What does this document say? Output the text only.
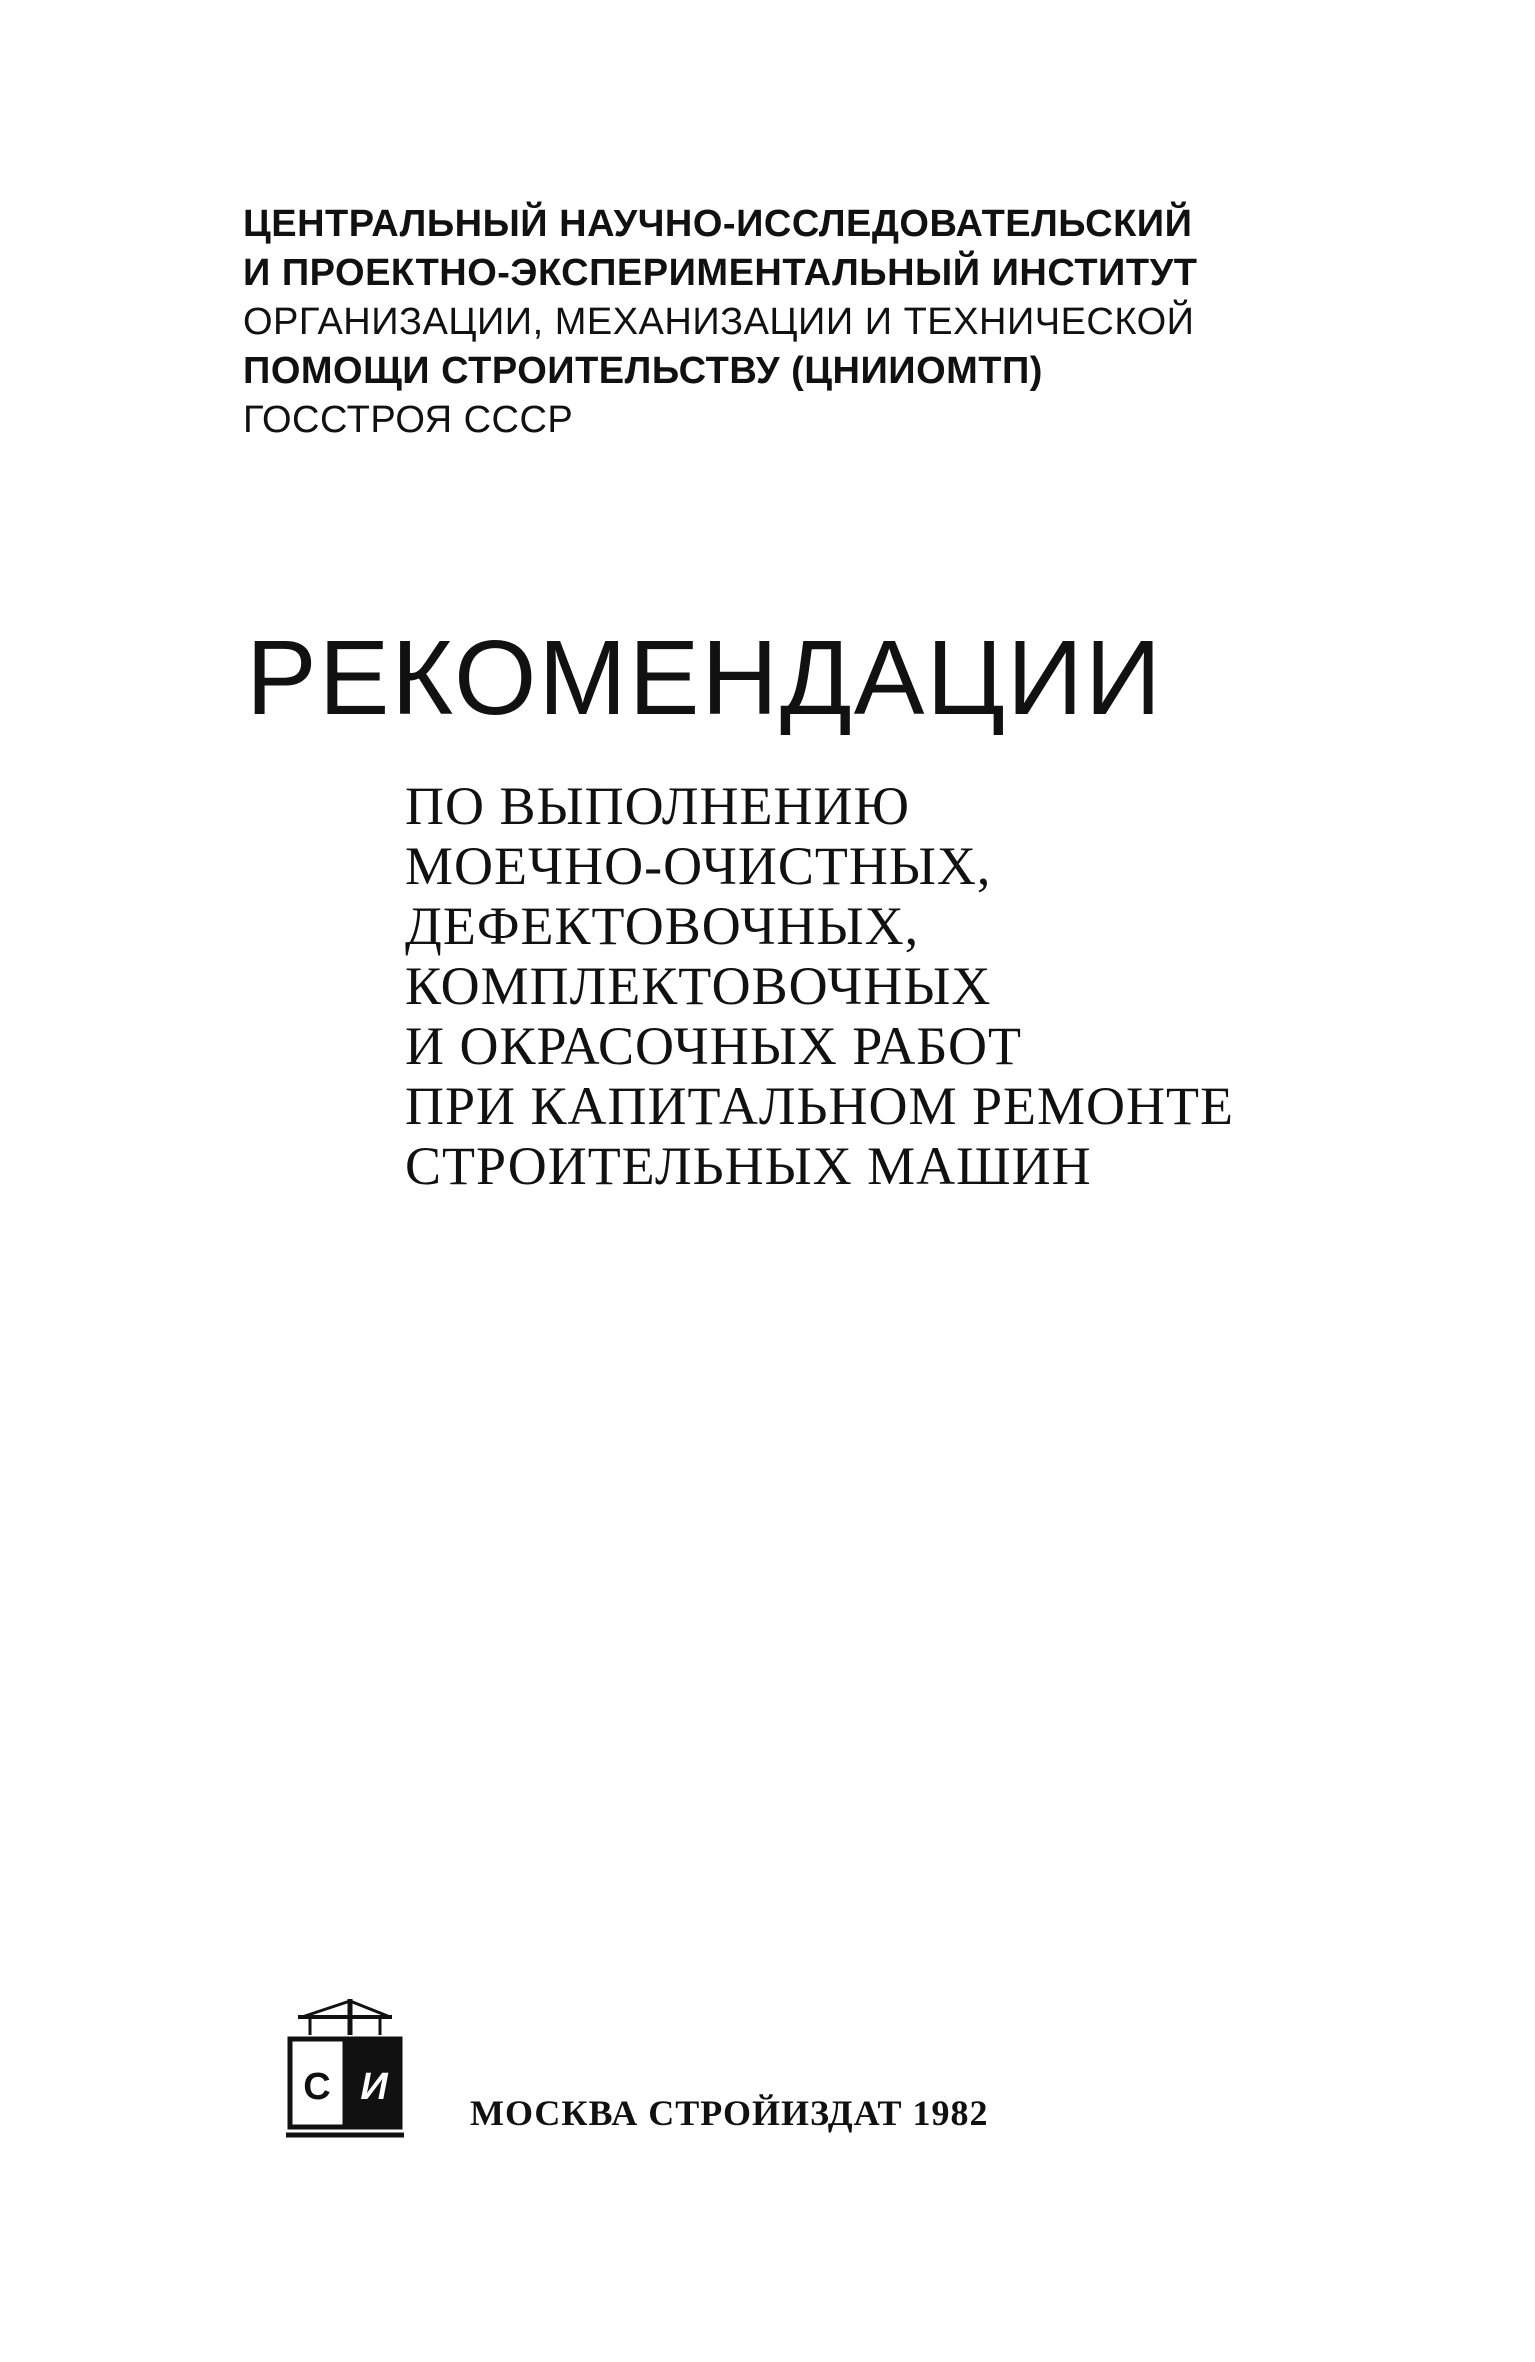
ЦЕНТРАЛЬНЫЙ НАУЧНО-ИССЛЕДОВАТЕЛЬСКИЙ
И ПРОЕКТНО-ЭКСПЕРИМЕНТАЛЬНЫЙ ИНСТИТУТ
ОРГАНИЗАЦИИ, МЕХАНИЗАЦИИ И ТЕХНИЧЕСКОЙ
ПОМОЩИ СТРОИТЕЛЬСТВУ (ЦНИИОМТП)
ГОССТРОЯ СССР
РЕКОМЕНДАЦИИ
ПО ВЫПОЛНЕНИЮ
МОЕЧНО-ОЧИСТНЫХ,
ДЕФЕКТОВОЧНЫХ,
КОМПЛЕКТОВОЧНЫХ
И ОКРАСОЧНЫХ РАБОТ
ПРИ КАПИТАЛЬНОМ РЕМОНТЕ
СТРОИТЕЛЬНЫХ МАШИН
С И
МОСКВА СТРОЙИЗДАТ 1982
